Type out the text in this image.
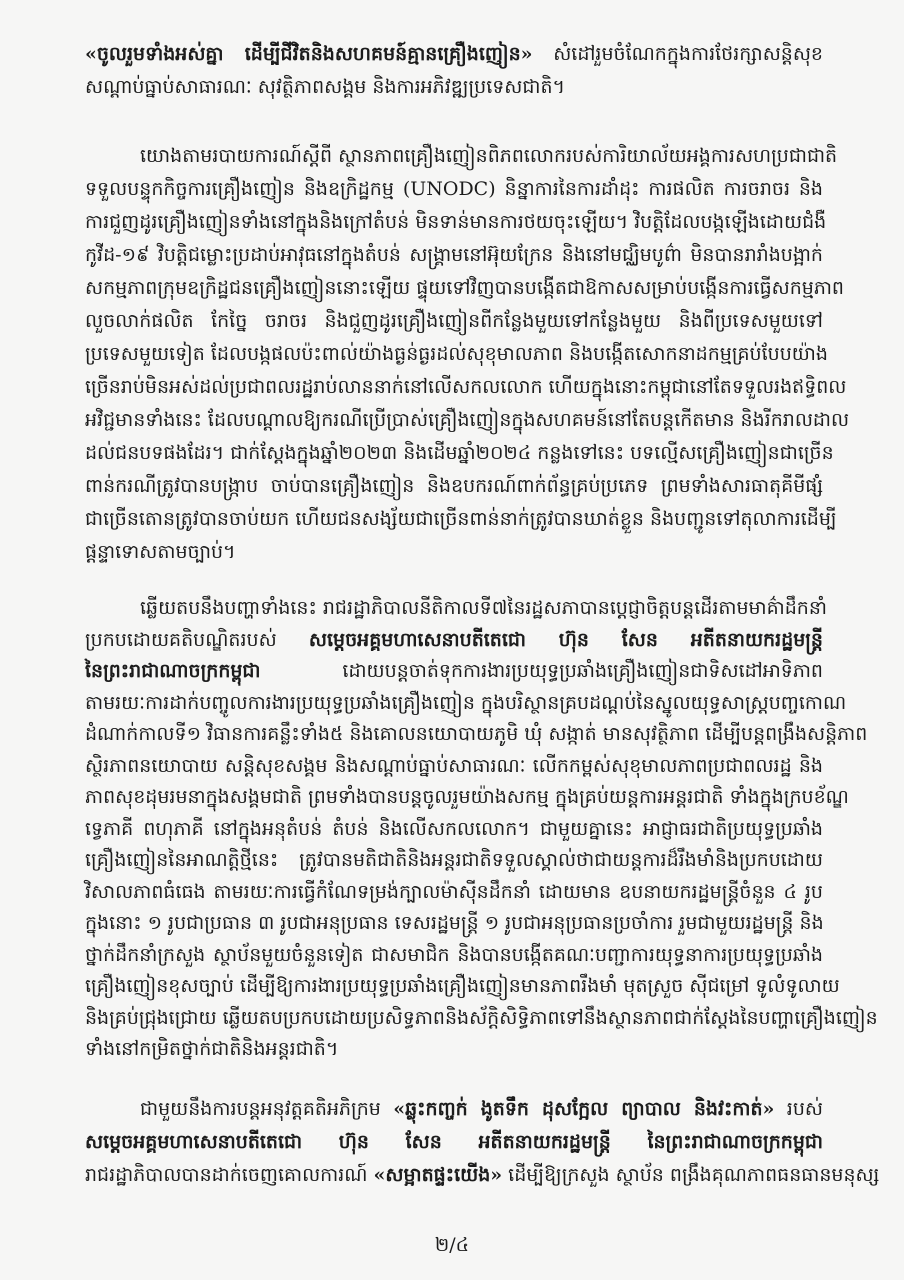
«ចូលរួមទាំងអស់គ្នា ដើម្បីជីវិតនិងសហគមន៍គ្មានគ្រឿងញៀន» សំដៅរួមចំណែកក្នុងការថែរក្សាសន្តិសុខ
សណ្ដាប់ធ្នាប់សាធារណៈ សុវត្ថិភាពសង្គម និងការអភិវឌ្ឍប្រទេសជាតិ។
យោងតាមរបាយការណ៍ស្ដីពី ស្ថានភាពគ្រឿងញៀនពិភពលោករបស់ការិយាល័យអង្គការសហប្រជាជាតិ
ទទួលបន្ទុកកិច្ចការគ្រឿងញៀន និងឧក្រិដ្ឋកម្ម (UNODC) និន្នាការនៃការដាំដុះ ការផលិត ការចរាចរ និង
ការជួញដូរគ្រឿងញៀនទាំងនៅក្នុងនិងក្រៅតំបន់ មិនទាន់មានការថយចុះឡើយ។ វិបត្តិដែលបង្កឡើងដោយជំងឺ
កូវីដ-១៩ វិបត្តិជម្លោះប្រដាប់អាវុធនៅក្នុងតំបន់ សង្គ្រាមនៅអ៊ុយក្រែន និងនៅមជ្ឈិមបូព៌ា មិនបានរារាំងបង្អាក់
សកម្មភាពក្រុមឧក្រិដ្ឋជនគ្រឿងញៀននោះឡើយ ផ្ទុយទៅវិញបានបង្កើតជាឱកាសសម្រាប់បង្កើនការធ្វើសកម្មភាព
លួចលាក់ផលិត កែច្នៃ ចរាចរ និងជួញដូរគ្រឿងញៀនពីកន្លែងមួយទៅកន្លែងមួយ និងពីប្រទេសមួយទៅ
ប្រទេសមួយទៀត ដែលបង្កផលប៉ះពាល់យ៉ាងធ្ងន់ធ្ងរដល់សុខុមាលភាព និងបង្កើតសោកនាដកម្មគ្រប់បែបយ៉ាង
ច្រើនរាប់មិនអស់ដល់ប្រជាពលរដ្ឋរាប់លាននាក់នៅលើសកលលោក ហើយក្នុងនោះកម្ពុជានៅតែទទួលរងឥទ្ធិពល
អវិជ្ជមានទាំងនេះ ដែលបណ្ដាលឱ្យករណីប្រើប្រាស់គ្រឿងញៀនក្នុងសហគមន៍នៅតែបន្តកើតមាន និងរីករាលដាល
ដល់ជនបទផងដែរ។ ជាក់ស្ដែងក្នុងឆ្នាំ២០២៣ និងដើមឆ្នាំ២០២៤ កន្លងទៅនេះ បទល្មើសគ្រឿងញៀនជាច្រើន
ពាន់ករណីត្រូវបានបង្ក្រាប ចាប់បានគ្រឿងញៀន និងឧបករណ៍ពាក់ព័ន្ធគ្រប់ប្រភេទ ព្រមទាំងសារធាតុគីមីផ្សំ
ជាច្រើនតោនត្រូវបានចាប់យក ហើយជនសង្ស័យជាច្រើនពាន់នាក់ត្រូវបានឃាត់ខ្លួន និងបញ្ជូនទៅតុលាការដើម្បី
ផ្ដន្ទាទោសតាមច្បាប់។
ឆ្លើយតបនឹងបញ្ហាទាំងនេះ រាជរដ្ឋាភិបាលនីតិកាលទី៧នៃរដ្ឋសភាបានប្ដេជ្ញាចិត្តបន្តដើរតាមមាគ៌ាដឹកនាំ
ប្រកបដោយគតិបណ្ឌិតរបស់ សម្ដេចអគ្គមហាសេនាបតីតេជោ ហ៊ុន សែន អតីតនាយករដ្ឋមន្ត្រី
នៃព្រះរាជាណាចក្រកម្ពុជា ដោយបន្តចាត់ទុកការងារប្រយុទ្ធប្រឆាំងគ្រឿងញៀនជាទិសដៅអាទិភាព
តាមរយៈការដាក់បញ្ចូលការងារប្រយុទ្ធប្រឆាំងគ្រឿងញៀន ក្នុងបរិស្ថានគ្របដណ្ដប់នៃស្នូលយុទ្ធសាស្ត្របញ្ចកោណ
ដំណាក់កាលទី១ វិធានការគន្លឹះទាំង៥ និងគោលនយោបាយភូមិ ឃុំ សង្កាត់ មានសុវត្ថិភាព ដើម្បីបន្តពង្រឹងសន្តិភាព
ស្ថិរភាពនយោបាយ សន្តិសុខសង្គម និងសណ្ដាប់ធ្នាប់សាធារណៈ លើកកម្ពស់សុខុមាលភាពប្រជាពលរដ្ឋ និង
ភាពសុខដុមរមនាក្នុងសង្គមជាតិ ព្រមទាំងបានបន្តចូលរួមយ៉ាងសកម្ម ក្នុងគ្រប់យន្តការអន្តរជាតិ ទាំងក្នុងក្របខ័ណ្ឌ
ទ្វេភាគី ពហុភាគី នៅក្នុងអនុតំបន់ តំបន់ និងលើសកលលោក។ ជាមួយគ្នានេះ អាជ្ញាធរជាតិប្រយុទ្ធប្រឆាំង
គ្រឿងញៀននៃអាណត្តិថ្មីនេះ ត្រូវបានមតិជាតិនិងអន្តរជាតិទទួលស្គាល់ថាជាយន្តការដ៏រឹងមាំនិងប្រកបដោយ
វិសាលភាពធំធេង តាមរយៈការធ្វើកំណែទម្រង់ក្បាលម៉ាស៊ីនដឹកនាំ ដោយមាន ឧបនាយករដ្ឋមន្ត្រីចំនួន ៤ រូប
ក្នុងនោះ ១ រូបជាប្រធាន ៣ រូបជាអនុប្រធាន ទេសរដ្ឋមន្ត្រី ១ រូបជាអនុប្រធានប្រចាំការ រួមជាមួយរដ្ឋមន្ត្រី និង
ថ្នាក់ដឹកនាំក្រសួង ស្ថាប័នមួយចំនួនទៀត ជាសមាជិក និងបានបង្កើតគណៈបញ្ជាការយុទ្ធនាការប្រយុទ្ធប្រឆាំង
គ្រឿងញៀនខុសច្បាប់ ដើម្បីឱ្យការងារប្រយុទ្ធប្រឆាំងគ្រឿងញៀនមានភាពរឹងមាំ មុតស្រួច ស៊ីជម្រៅ ទូលំទូលាយ
និងគ្រប់ជ្រុងជ្រោយ ឆ្លើយតបប្រកបដោយប្រសិទ្ធភាពនិងស័ក្តិសិទ្ធិភាពទៅនឹងស្ថានភាពជាក់ស្ដែងនៃបញ្ហាគ្រឿងញៀន
ទាំងនៅកម្រិតថ្នាក់ជាតិនិងអន្តរជាតិ។
ជាមួយនឹងការបន្តអនុវត្តគតិអភិក្រម «ឆ្លុះកញ្ចក់ ងូតទឹក ដុសក្អែល ព្យាបាល និងវះកាត់» របស់
សម្ដេចអគ្គមហាសេនាបតីតេជោ ហ៊ុន សែន អតីតនាយករដ្ឋមន្ត្រី នៃព្រះរាជាណាចក្រកម្ពុជា
រាជរដ្ឋាភិបាលបានដាក់ចេញគោលការណ៍ «សម្អាតផ្ទះយើង» ដើម្បីឱ្យក្រសួង ស្ថាប័ន ពង្រឹងគុណភាពធនធានមនុស្ស
២/៤
